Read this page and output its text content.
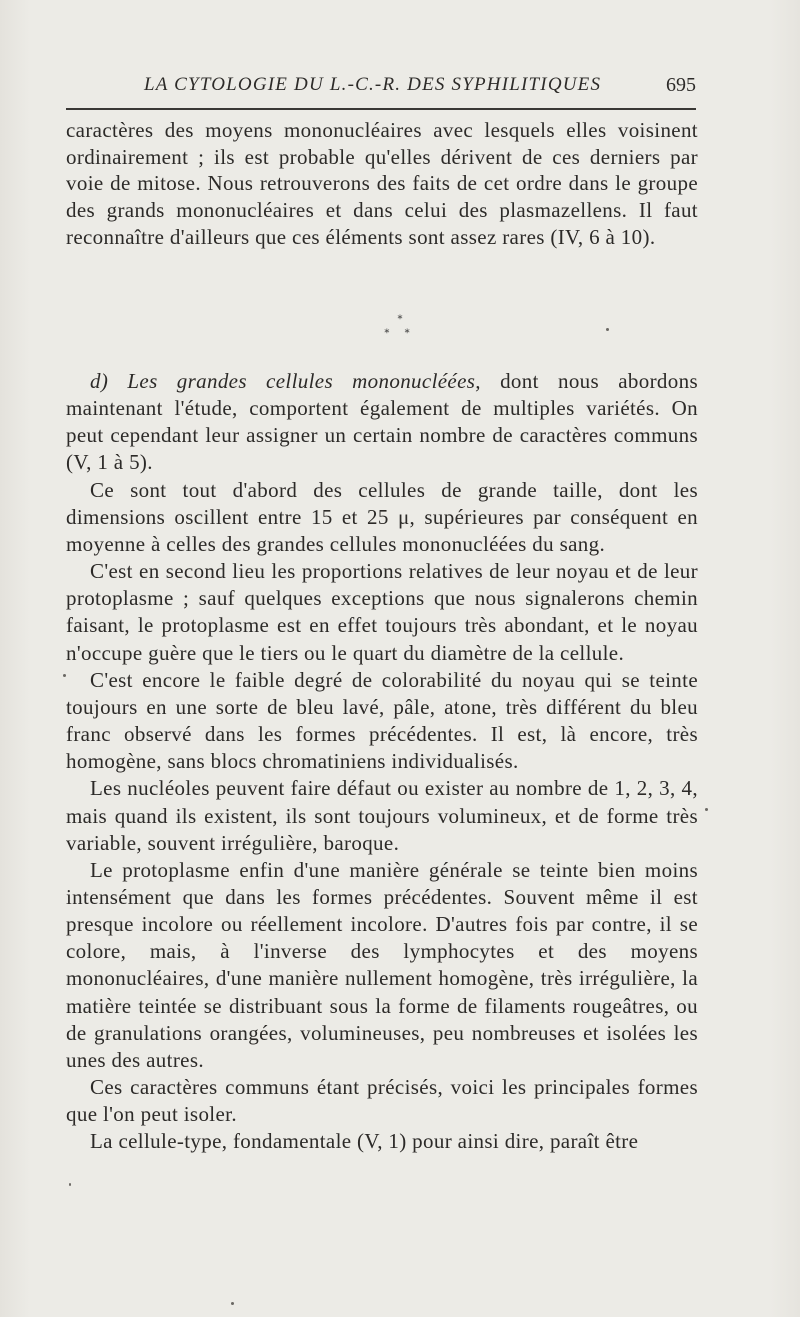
LA CYTOLOGIE DU L.-C.-R. DES SYPHILITIQUES	695

caractères des moyens mononucléaires avec lesquels elles voisinent ordinairement ; ils est probable qu'elles dérivent de ces derniers par voie de mitose. Nous retrouverons des faits de cet ordre dans le groupe des grands mononucléaires et dans celui des plasmazellens. Il faut reconnaître d'ailleurs que ces éléments sont assez rares (IV, 6 à 10).

*
* *

d) Les grandes cellules mononucléées, dont nous abordons maintenant l'étude, comportent également de multiples variétés. On peut cependant leur assigner un certain nombre de caractères communs (V, 1 à 5).

Ce sont tout d'abord des cellules de grande taille, dont les dimensions oscillent entre 15 et 25 μ, supérieures par conséquent en moyenne à celles des grandes cellules mononucléées du sang.

C'est en second lieu les proportions relatives de leur noyau et de leur protoplasme ; sauf quelques exceptions que nous signalerons chemin faisant, le protoplasme est en effet toujours très abondant, et le noyau n'occupe guère que le tiers ou le quart du diamètre de la cellule.

C'est encore le faible degré de colorabilité du noyau qui se teinte toujours en une sorte de bleu lavé, pâle, atone, très différent du bleu franc observé dans les formes précédentes. Il est, là encore, très homogène, sans blocs chromatiniens individualisés.

Les nucléoles peuvent faire défaut ou exister au nombre de 1, 2, 3, 4, mais quand ils existent, ils sont toujours volumineux, et de forme très variable, souvent irrégulière, baroque.

Le protoplasme enfin d'une manière générale se teinte bien moins intensément que dans les formes précédentes. Souvent même il est presque incolore ou réellement incolore. D'autres fois par contre, il se colore, mais, à l'inverse des lymphocytes et des moyens mononucléaires, d'une manière nullement homogène, très irrégulière, la matière teintée se distribuant sous la forme de filaments rougeâtres, ou de granulations orangées, volumineuses, peu nombreuses et isolées les unes des autres.

Ces caractères communs étant précisés, voici les principales formes que l'on peut isoler.

La cellule-type, fondamentale (V, 1) pour ainsi dire, paraît être
